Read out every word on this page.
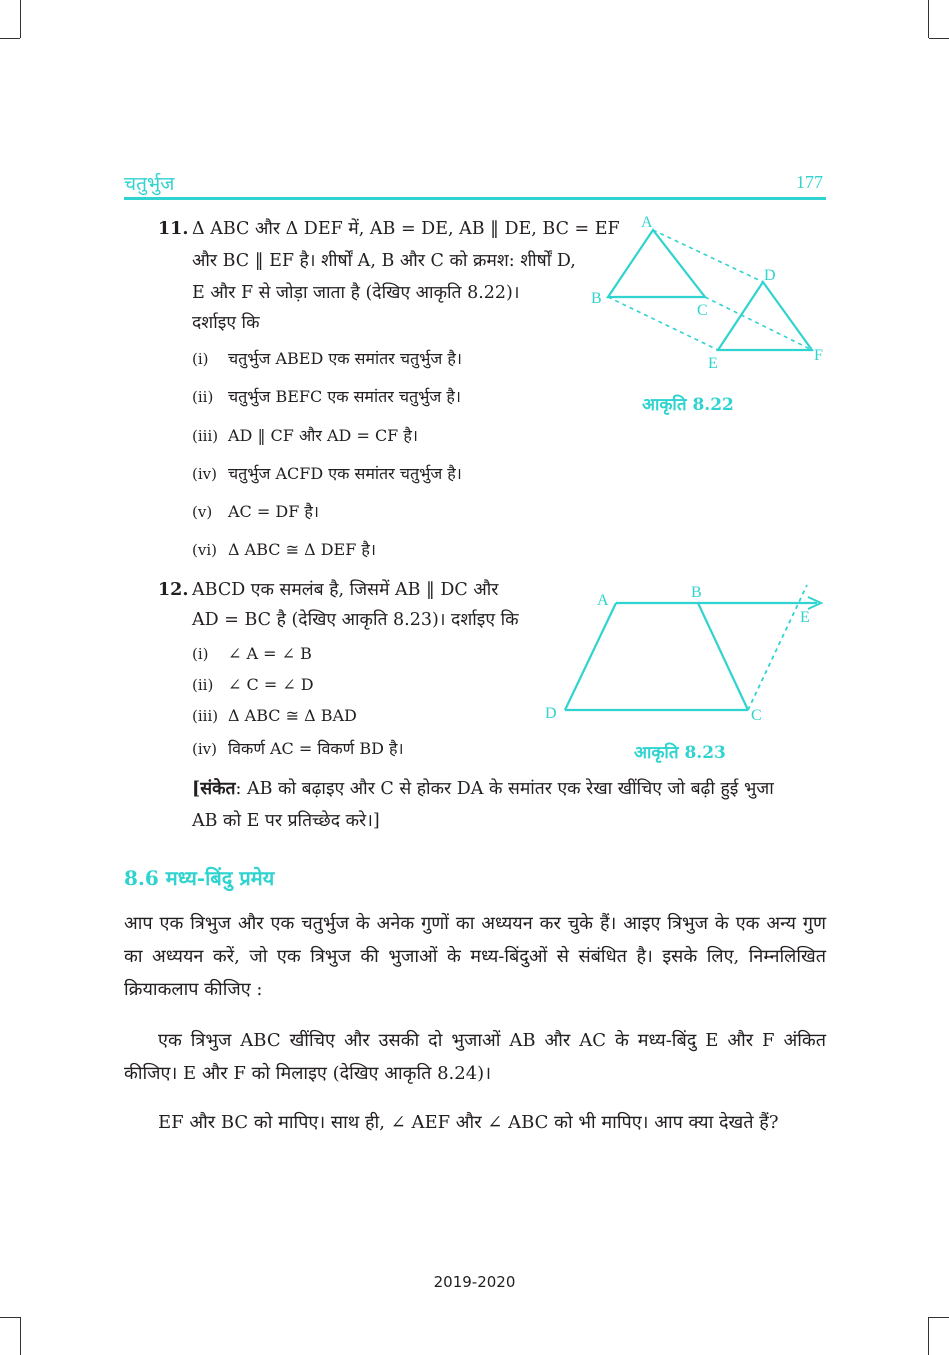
चतुर्भुज	177
11. Δ ABC और Δ DEF में, AB = DE, AB ‖ DE, BC = EF
और BC ‖ EF है। शीर्षों A, B और C को क्रमश: शीर्षों D,
E और F से जोड़ा जाता है (देखिए आकृति 8.22)।
दर्शाइए कि
(i) चतुर्भुज ABED एक समांतर चतुर्भुज है।
(ii) चतुर्भुज BEFC एक समांतर चतुर्भुज है।
(iii) AD ‖ CF और AD = CF है।
(iv) चतुर्भुज ACFD एक समांतर चतुर्भुज है।
(v) AC = DF है।
(vi) Δ ABC ≅ Δ DEF है।
A
B
C
D
E	F
आकृति 8.22
12. ABCD एक समलंब है, जिसमें AB ‖ DC और
AD = BC है (देखिए आकृति 8.23)। दर्शाइए कि
(i) ∠ A = ∠ B
(ii) ∠ C = ∠ D
(iii) Δ ABC ≅ Δ BAD
(iv) विकर्ण AC = विकर्ण BD है।
A	B
E
D	C
आकृति 8.23
[संकेत: AB को बढ़ाइए और C से होकर DA के समांतर एक रेखा खींचिए जो बढ़ी हुई भुजा
AB को E पर प्रतिच्छेद करे।]
8.6 मध्य-बिंदु प्रमेय
आप एक त्रिभुज और एक चतुर्भुज के अनेक गुणों का अध्ययन कर चुके हैं। आइए त्रिभुज के एक अन्य गुण का अध्ययन करें, जो एक त्रिभुज की भुजाओं के मध्य-बिंदुओं से संबंधित है। इसके लिए, निम्नलिखित क्रियाकलाप कीजिए :
एक त्रिभुज ABC खींचिए और उसकी दो भुजाओं AB और AC के मध्य-बिंदु E और F अंकित कीजिए। E और F को मिलाइए (देखिए आकृति 8.24)।
EF और BC को मापिए। साथ ही, ∠ AEF और ∠ ABC को भी मापिए। आप क्या देखते हैं?
2019-2020
